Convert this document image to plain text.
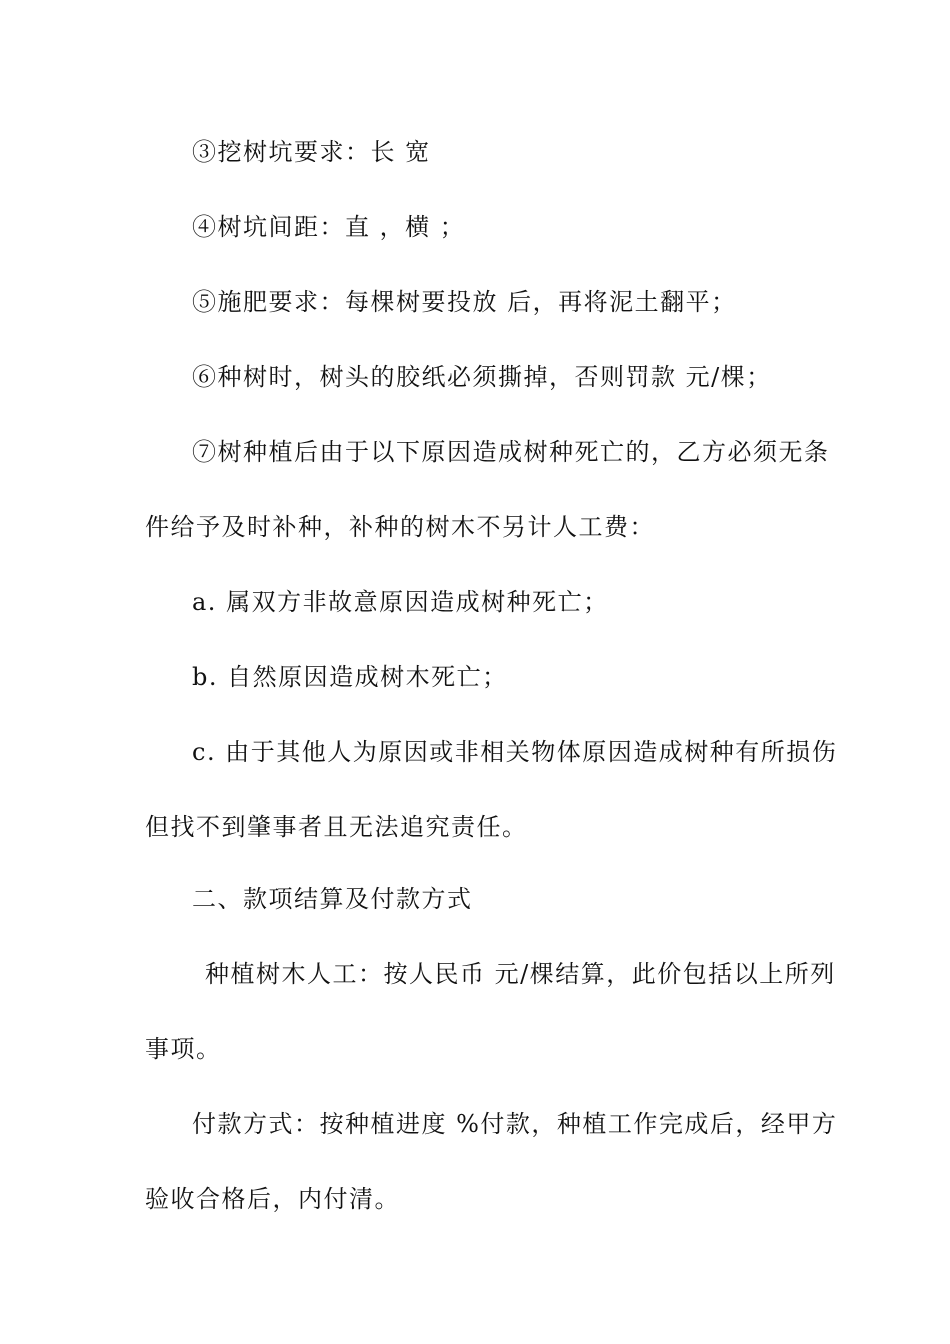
③挖树坑要求：长 宽
④树坑间距：直 ，横 ；
⑤施肥要求：每棵树要投放 后，再将泥土翻平；
⑥种树时，树头的胶纸必须撕掉，否则罚款 元/棵；
⑦树种植后由于以下原因造成树种死亡的，乙方必须无条
件给予及时补种，补种的树木不另计人工费：
a. 属双方非故意原因造成树种死亡；
b. 自然原因造成树木死亡；
c. 由于其他人为原因或非相关物体原因造成树种有所损伤
但找不到肇事者且无法追究责任。
二、款项结算及付款方式
种植树木人工：按人民币 元/棵结算，此价包括以上所列
事项。
付款方式：按种植进度 %付款，种植工作完成后，经甲方
验收合格后，内付清。
